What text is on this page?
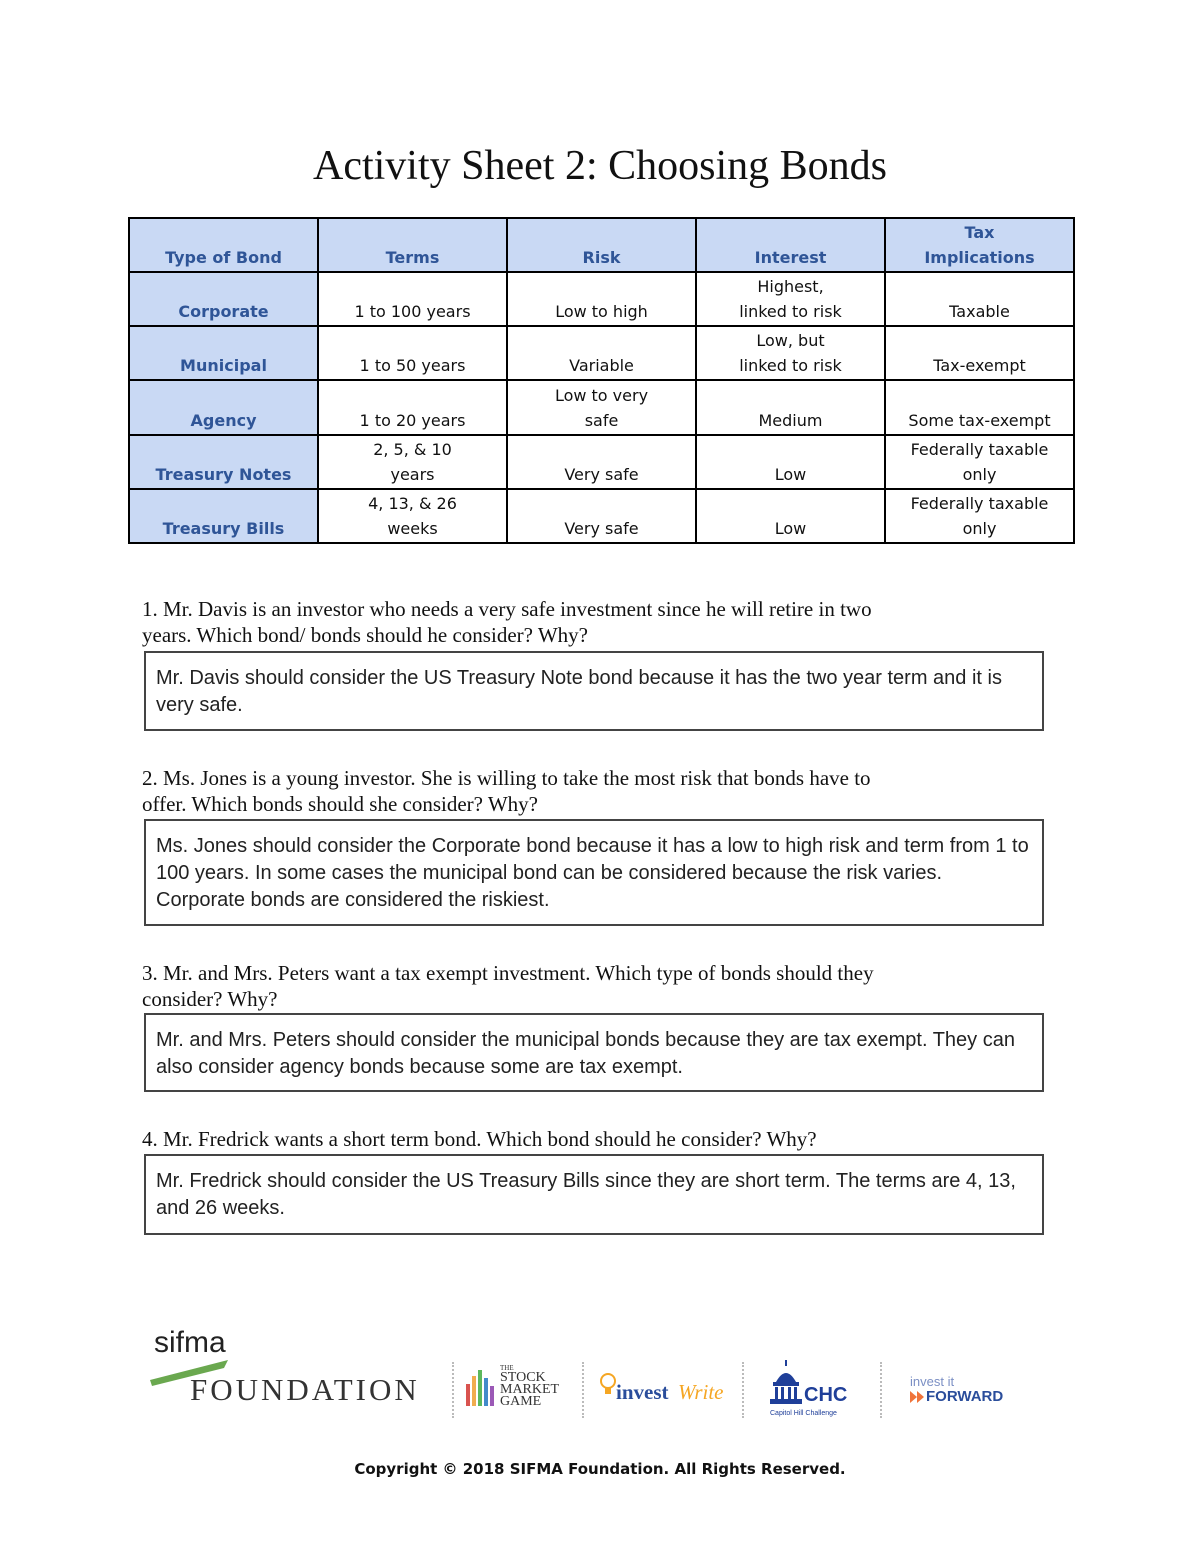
Activity Sheet 2: Choosing Bonds
Type of Bond	Terms	Risk	Interest	Tax
Implications
Corporate	1 to 100 years	Low to high	Highest,
linked to risk	Taxable
Municipal	1 to 50 years	Variable	Low, but
linked to risk	Tax-exempt
Agency	1 to 20 years	Low to very
safe	Medium	Some tax-exempt
Treasury Notes	2, 5, & 10
years	Very safe	Low	Federally taxable
only
Treasury Bills	4, 13, & 26
weeks	Very safe	Low	Federally taxable
only
1. Mr. Davis is an investor who needs a very safe investment since he will retire in two
years. Which bond/ bonds should he consider? Why?
Mr. Davis should consider the US Treasury Note bond because it has the two year term and it is very safe.
2. Ms. Jones is a young investor. She is willing to take the most risk that bonds have to
offer. Which bonds should she consider? Why?
Ms. Jones should consider the Corporate bond because it has a low to high risk and term from 1 to 100 years. In some cases the municipal bond can be considered because the risk varies. Corporate bonds are considered the riskiest.
3. Mr. and Mrs. Peters want a tax exempt investment. Which type of bonds should they
consider? Why?
Mr. and Mrs. Peters should consider the municipal bonds because they are tax exempt. They can also consider agency bonds because some are tax exempt.
4. Mr. Fredrick wants a short term bond. Which bond should he consider? Why?
Mr. Fredrick should consider the US Treasury Bills since they are short term. The terms are 4, 13, and 26 weeks.
sifma
FOUNDATION
THE
STOCK
MARKET
GAME	invest Write	CHC
Capitol Hill Challenge
invest it
FORWARD
Copyright © 2018 SIFMA Foundation. All Rights Reserved.
